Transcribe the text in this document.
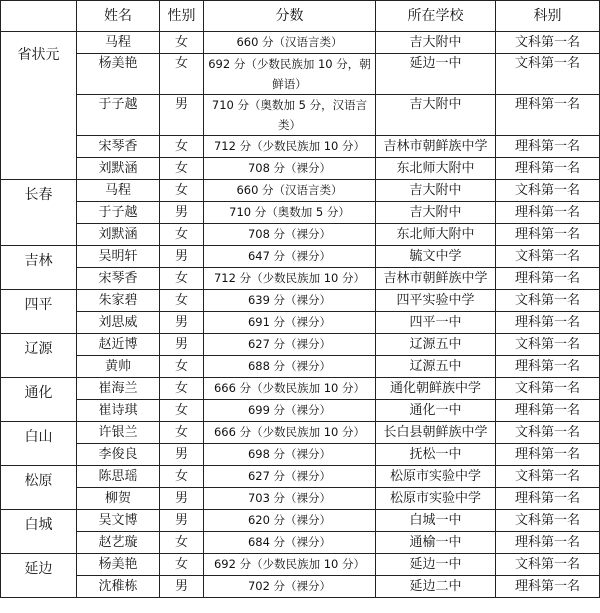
	姓名	性别	分数	所在学校	科别
省状元	马程	女	660 分（汉语言类）	吉大附中	文科第一名
	杨美艳	女	692 分（少数民族加 10 分，朝鲜语）	延边一中	文科第一名
	于子越	男	710 分（奥数加 5 分，汉语言类）	吉大附中	理科第一名
	宋琴香	女	712 分（少数民族加 10 分）	吉林市朝鲜族中学	理科第一名
	刘默涵	女	708 分（裸分）	东北师大附中	理科第一名
长春	马程	女	660 分（汉语言类）	吉大附中	文科第一名
	于子越	男	710 分（奥数加 5 分）	吉大附中	理科第一名
	刘默涵	女	708 分（裸分）	东北师大附中	理科第一名
吉林	吴明轩	男	647 分（裸分）	毓文中学	文科第一名
	宋琴香	女	712 分（少数民族加 10 分）	吉林市朝鲜族中学	理科第一名
四平	朱家碧	女	639 分（裸分）	四平实验中学	文科第一名
	刘思威	男	691 分（裸分）	四平一中	理科第一名
辽源	赵近博	男	627 分（裸分）	辽源五中	文科第一名
	黄帅	女	688 分（裸分）	辽源五中	理科第一名
通化	崔海兰	女	666 分（少数民族加 10 分）	通化朝鲜族中学	文科第一名
	崔诗琪	女	699 分（裸分）	通化一中	理科第一名
白山	许银兰	女	666 分（少数民族加 10 分）	长白县朝鲜族中学	文科第一名
	李俊良	男	698 分（裸分）	抚松一中	理科第一名
松原	陈思瑶	女	627 分（裸分）	松原市实验中学	文科第一名
	柳贺	男	703 分（裸分）	松原市实验中学	理科第一名
白城	吴文博	男	620 分（裸分）	白城一中	文科第一名
	赵艺璇	女	684 分（裸分）	通榆一中	理科第一名
延边	杨美艳	女	692 分（少数民族加 10 分）	延边一中	文科第一名
	沈稚栋	男	702 分（裸分）	延边二中	理科第一名
